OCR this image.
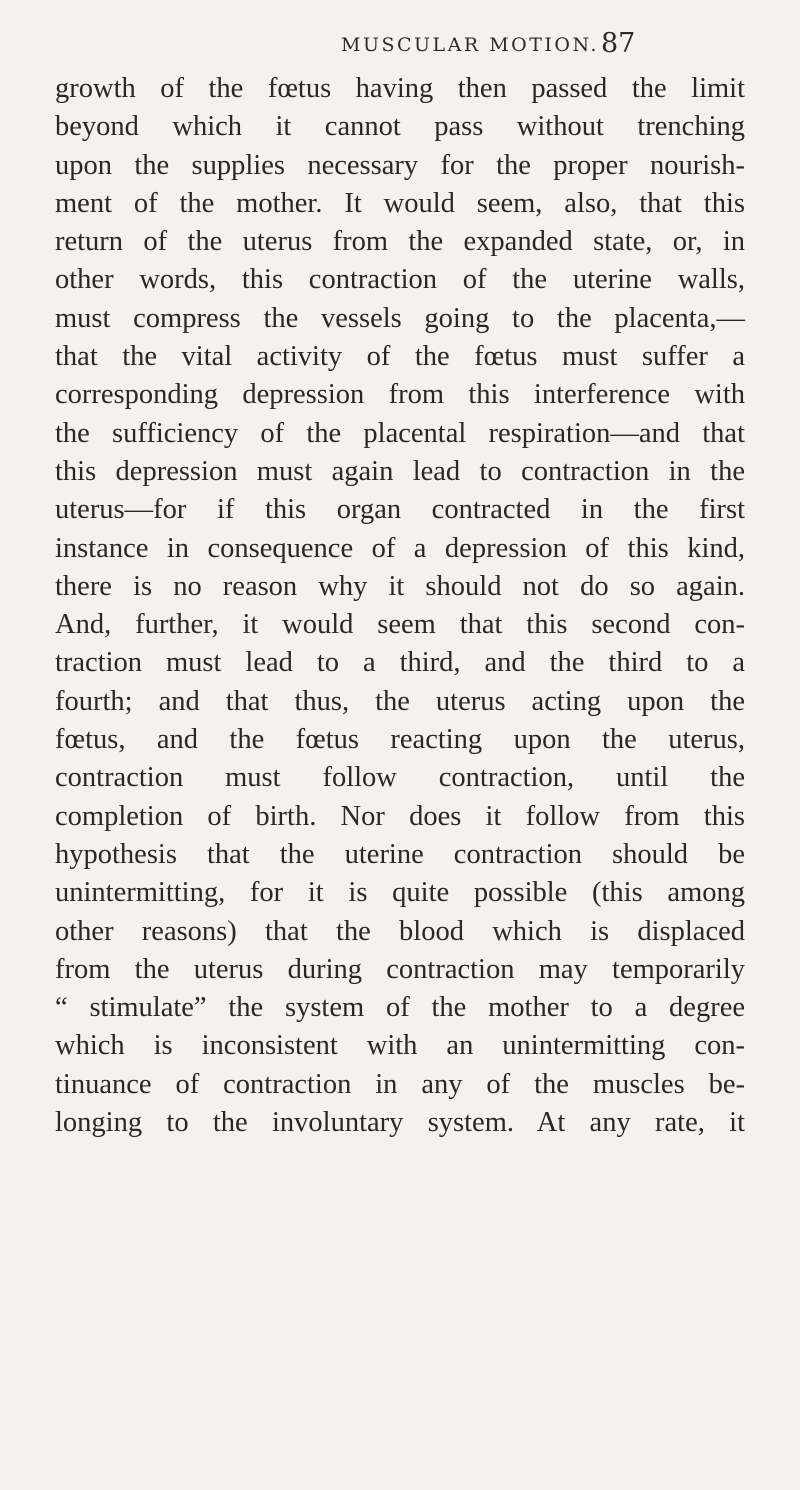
MUSCULAR MOTION. 87
growth of the fœtus having then passed the limit
beyond which it cannot pass without trenching
upon the supplies necessary for the proper nourish-
ment of the mother. It would seem, also, that this
return of the uterus from the expanded state, or, in
other words, this contraction of the uterine walls,
must compress the vessels going to the placenta,—
that the vital activity of the fœtus must suffer a
corresponding depression from this interference with
the sufficiency of the placental respiration—and that
this depression must again lead to contraction in the
uterus—for if this organ contracted in the first
instance in consequence of a depression of this kind,
there is no reason why it should not do so again.
And, further, it would seem that this second con-
traction must lead to a third, and the third to a
fourth; and that thus, the uterus acting upon the
fœtus, and the fœtus reacting upon the uterus,
contraction must follow contraction, until the
completion of birth. Nor does it follow from this
hypothesis that the uterine contraction should be
unintermitting, for it is quite possible (this among
other reasons) that the blood which is displaced
from the uterus during contraction may temporarily
“ stimulate” the system of the mother to a degree
which is inconsistent with an unintermitting con-
tinuance of contraction in any of the muscles be-
longing to the involuntary system. At any rate, it
